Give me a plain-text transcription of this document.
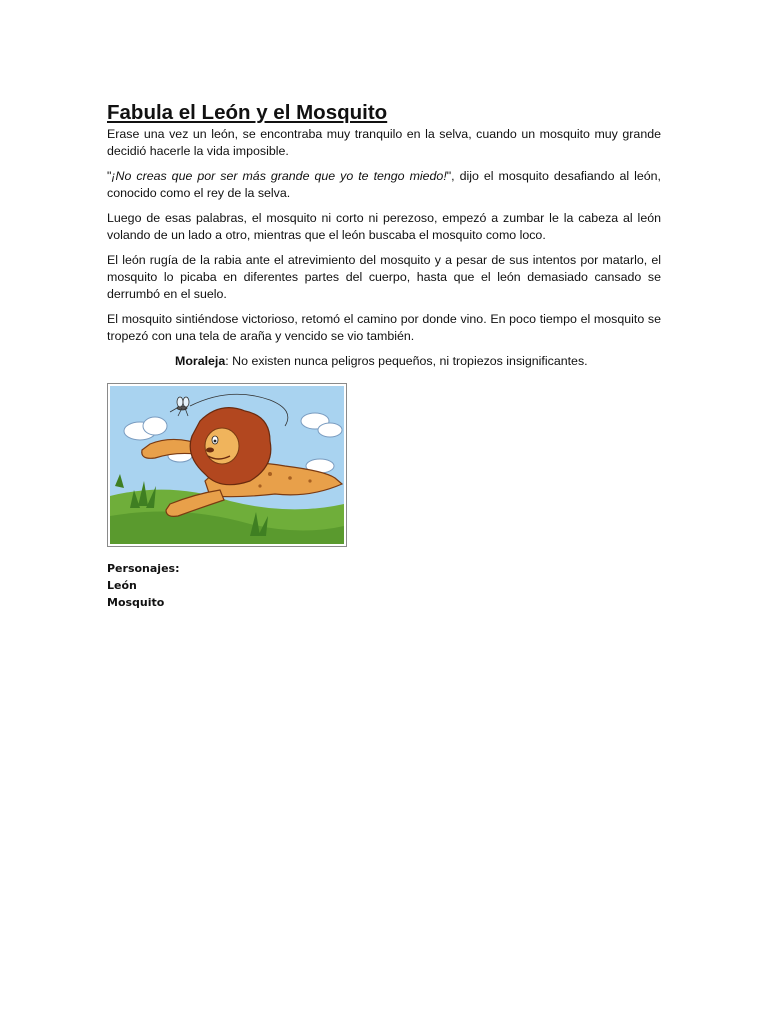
Fabula el León y el Mosquito

Erase una vez un león, se encontraba muy tranquilo en la selva, cuando un mosquito muy grande decidió hacerle la vida imposible.

"¡No creas que por ser más grande que yo te tengo miedo!", dijo el mosquito desafiando al león, conocido como el rey de la selva.

Luego de esas palabras, el mosquito ni corto ni perezoso, empezó a zumbar le la cabeza al león volando de un lado a otro, mientras que el león buscaba el mosquito como loco.

El león rugía de la rabia ante el atrevimiento del mosquito y a pesar de sus intentos por matarlo, el mosquito lo picaba en diferentes partes del cuerpo, hasta que el león demasiado cansado se derrumbó en el suelo.

El mosquito sintiéndose victorioso, retomó el camino por donde vino. En poco tiempo el mosquito se tropezó con una tela de araña y vencido se vio también.

Moraleja: No existen nunca peligros pequeños, ni tropiezos insignificantes.

Personajes:
León
Mosquito
